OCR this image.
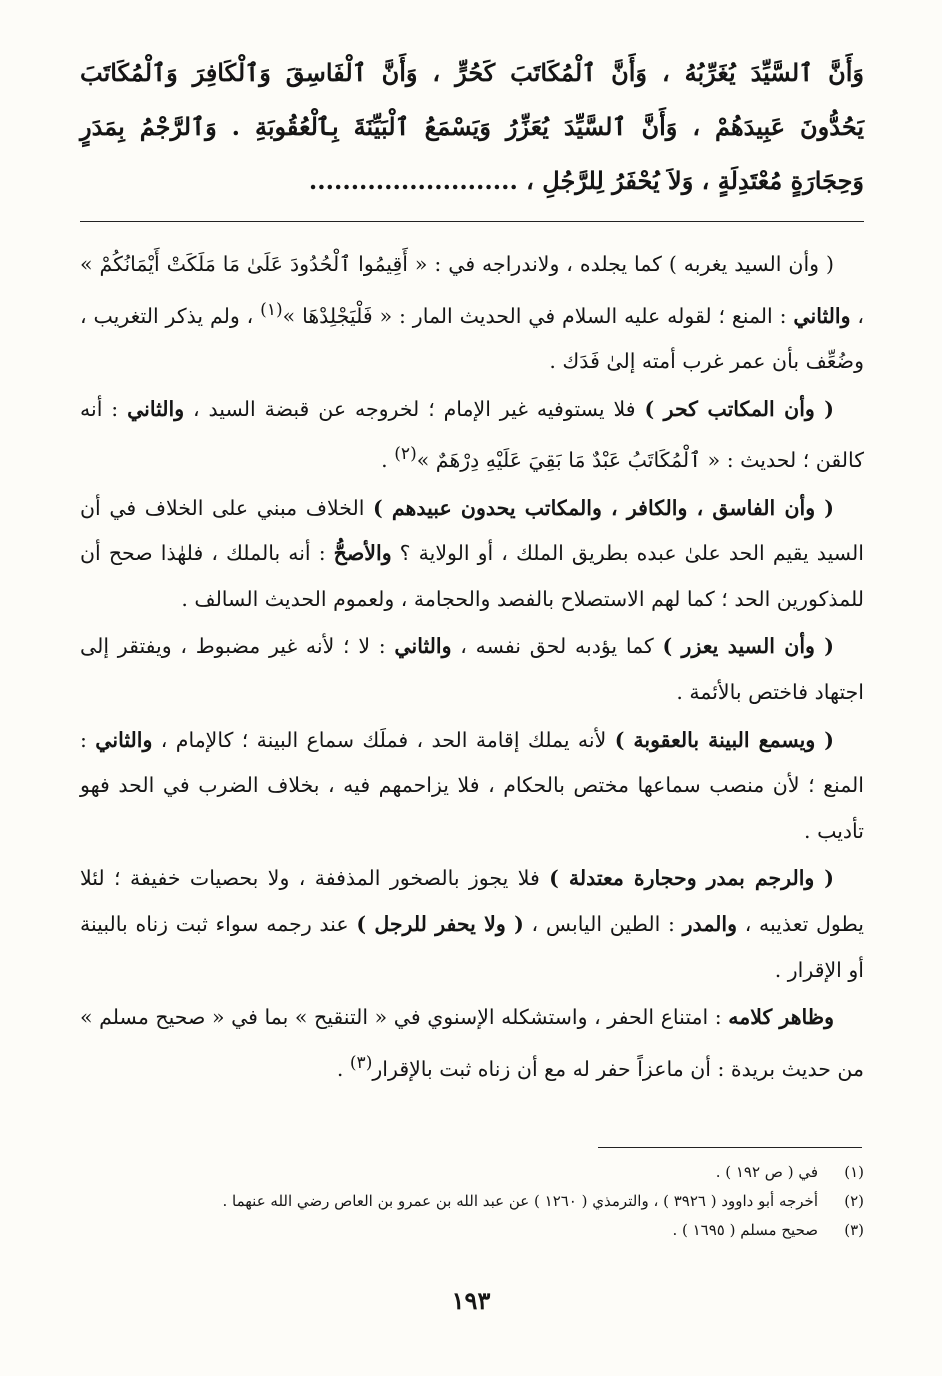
وَأَنَّ ٱلسَّيِّدَ يُغَرِّبُهُ ، وَأَنَّ ٱلْمُكَاتَبَ كَحُرٍّ ، وَأَنَّ ٱلْفَاسِقَ وَٱلْكَافِرَ وَٱلْمُكَاتَبَ يَحُدُّونَ عَبِيدَهُمْ ، وَأَنَّ ٱلسَّيِّدَ يُعَزِّرُ وَيَسْمَعُ ٱلْبَيِّنَةَ بِٱلْعُقُوبَةِ . وَٱلرَّجْمُ بِمَدَرٍ وَحِجَارَةٍ مُعْتَدِلَةٍ ، وَلاَ يُحْفَرُ لِلرَّجُلِ ، .........................

( وأن السيد يغربه ) كما يجلده ، ولاندراجه في : « أَقِيمُوا ٱلْحُدُودَ عَلَىٰ مَا مَلَكَتْ أَيْمَانُكُمْ » ، والثاني : المنع ؛ لقوله عليه السلام في الحديث المار : « فَلْيَجْلِدْهَا »$^{(١)}$ ، ولم يذكر التغريب ، وضُعِّف بأن عمر غرب أمته إلىٰ فَدَك .

( وأن المكاتب كحر ) فلا يستوفيه غير الإمام ؛ لخروجه عن قبضة السيد ، والثاني : أنه كالقن ؛ لحديث : « ٱلْمُكَاتَبُ عَبْدٌ مَا بَقِيَ عَلَيْهِ دِرْهَمٌ »$^{(٢)}$ .

( وأن الفاسق ، والكافر ، والمكاتب يحدون عبيدهم ) الخلاف مبني على الخلاف في أن السيد يقيم الحد علىٰ عبده بطريق الملك ، أو الولاية ؟ والأصحُّ : أنه بالملك ، فلهٰذا صحح أن للمذكورين الحد ؛ كما لهم الاستصلاح بالفصد والحجامة ، ولعموم الحديث السالف .

( وأن السيد يعزر ) كما يؤدبه لحق نفسه ، والثاني : لا ؛ لأنه غير مضبوط ، ويفتقر إلى اجتهاد فاختص بالأئمة .

( ويسمع البينة بالعقوبة ) لأنه يملك إقامة الحد ، فملَك سماع البينة ؛ كالإمام ، والثاني : المنع ؛ لأن منصب سماعها مختص بالحكام ، فلا يزاحمهم فيه ، بخلاف الضرب في الحد فهو تأديب .

( والرجم بمدر وحجارة معتدلة ) فلا يجوز بالصخور المذففة ، ولا بحصيات خفيفة ؛ لئلا يطول تعذيبه ، والمدر : الطين اليابس ، ( ولا يحفر للرجل ) عند رجمه سواء ثبت زناه بالبينة أو الإقرار .

وظاهر كلامه : امتناع الحفر ، واستشكله الإسنوي في « التنقيح » بما في « صحيح مسلم » من حديث بريدة : أن ماعزاً حفر له مع أن زناه ثبت بالإقرار$^{(٣)}$ .

(١)
في ( ص ١٩٢ ) .
(٢)
أخرجه أبو داوود ( ٣٩٢٦ ) ، والترمذي ( ١٢٦٠ ) عن عبد الله بن عمرو بن العاص رضي الله عنهما .
(٣)
صحيح مسلم ( ١٦٩٥ ) .
١٩٣
